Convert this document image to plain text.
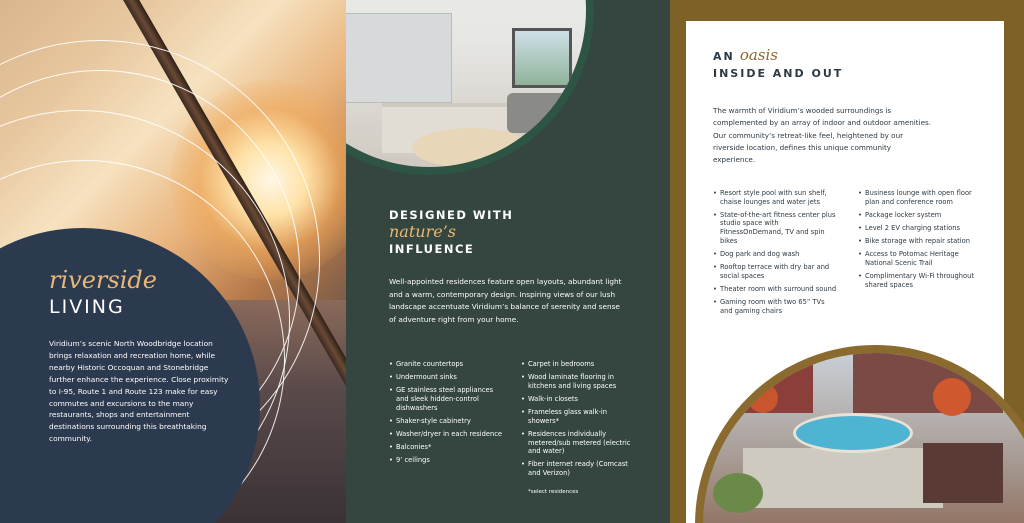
riverside
LIVING
Viridium’s scenic North Woodbridge location brings relaxation and recreation home, while nearby Historic Occoquan and Stonebridge further enhance the experience. Close proximity to I-95, Route 1 and Route 123 make for easy commutes and excursions to the many restaurants, shops and entertainment destinations surrounding this breathtaking community.
DESIGNED WITH
nature’s
INFLUENCE
Well-appointed residences feature open layouts, abundant light and a warm, contemporary design. Inspiring views of our lush landscape accentuate Viridium’s balance of serenity and sense of adventure right from your home.
• Granite countertops
• Undermount sinks
• GE stainless steel appliances and sleek hidden-control dishwashers
• Shaker-style cabinetry
• Washer/dryer in each residence
• Balconies*
• 9’ ceilings
• Carpet in bedrooms
• Wood laminate flooring in kitchens and living spaces
• Walk-in closets
• Frameless glass walk-in showers*
• Residences individually metered/sub metered (electric and water)
• Fiber internet ready (Comcast and Verizon)
*select residences
AN oasis
INSIDE AND OUT
The warmth of Viridium’s wooded surroundings is complemented by an array of indoor and outdoor amenities. Our community’s retreat-like feel, heightened by our riverside location, defines this unique community experience.
• Resort style pool with sun shelf, chaise lounges and water jets
• State-of-the-art fitness center plus studio space with FitnessOnDemand, TV and spin bikes
• Dog park and dog wash
• Rooftop terrace with dry bar and social spaces
• Theater room with surround sound
• Gaming room with two 65” TVs and gaming chairs
• Business lounge with open floor plan and conference room
• Package locker system
• Level 2 EV charging stations
• Bike storage with repair station
• Access to Potomac Heritage National Scenic Trail
• Complimentary Wi-Fi throughout shared spaces
